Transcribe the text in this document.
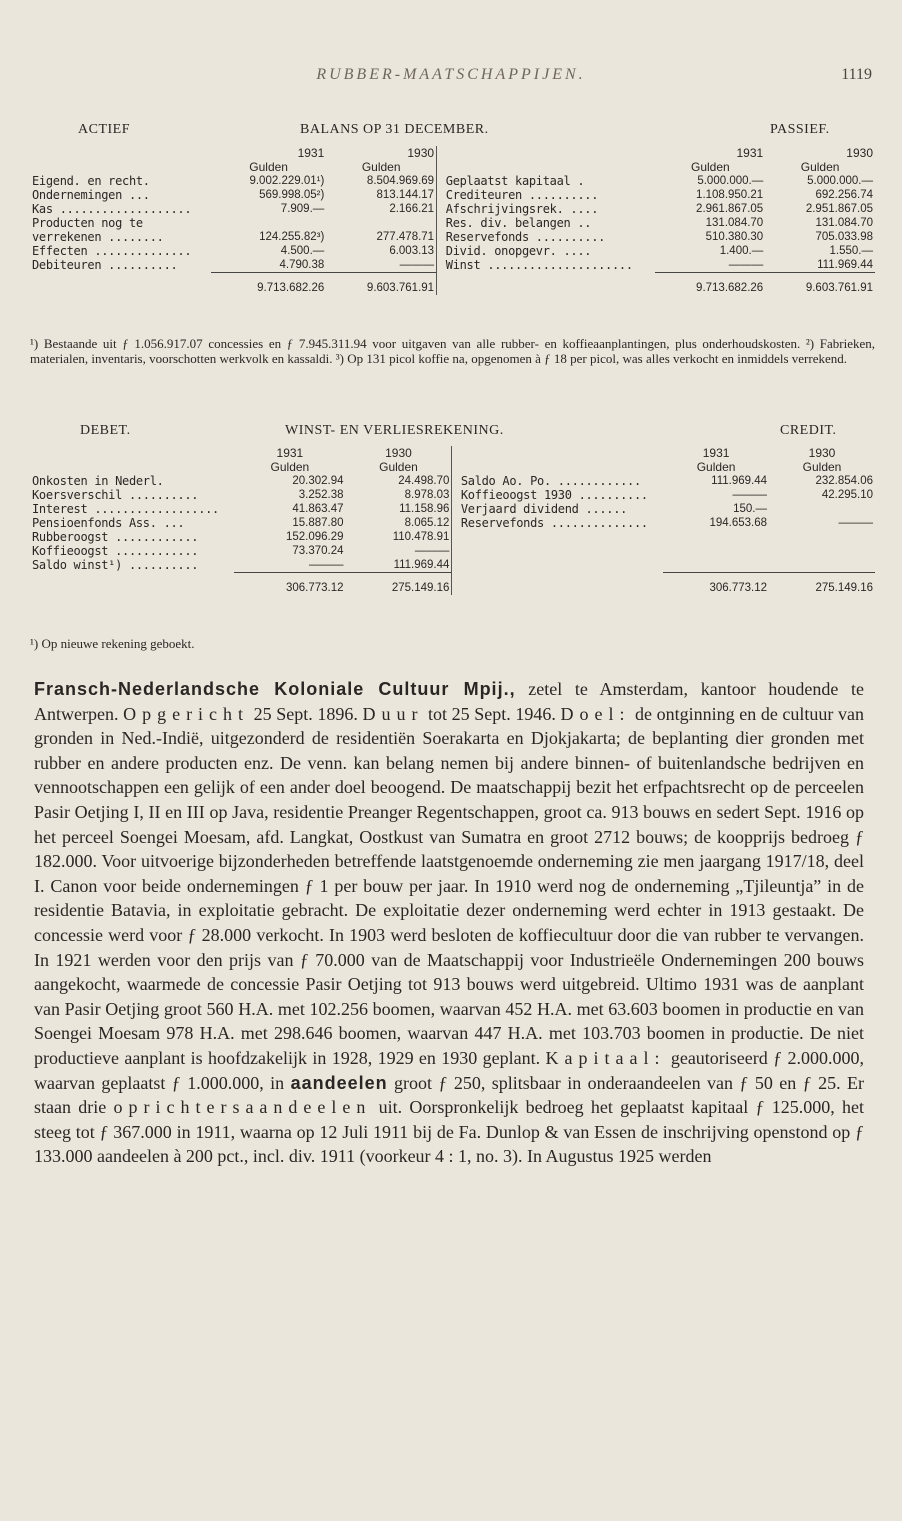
RUBBER-MAATSCHAPPIJEN.	1119
ACTIEF	BALANS OP 31 DECEMBER.	PASSIEF.
	1931	1930			1931	1930
	Gulden	Gulden			Gulden	Gulden
Eigend. en recht.	9.002.229.01¹)	8.504.969.69		Geplaatst kapitaal .	5.000.000.—	5.000.000.—
Ondernemingen ...	569.998.05²)	813.144.17		Crediteuren ..........	1.108.950.21	692.256.74
Kas ...................	7.909.—	2.166.21		Afschrijvingsrek. ....	2.961.867.05	2.951.867.05
Producten nog te				Res. div. belangen ..	131.084.70	131.084.70
verrekenen ........	124.255.82³)	277.478.71		Reservefonds ..........	510.380.30	705.033.98
Effecten ..............	4.500.—	6.003.13		Divid. onopgevr. ....	1.400.—	1.550.—
Debiteuren ..........	4.790.38	———		Winst .....................	———	111.969.44
	9.713.682.26	9.603.761.91			9.713.682.26	9.603.761.91
¹) Bestaande uit ƒ 1.056.917.07 concessies en ƒ 7.945.311.94 voor uitgaven van alle rubber- en koffieaanplantingen, plus onderhoudskosten. ²) Fabrieken, materialen, inventaris, voorschotten werkvolk en kassaldi. ³) Op 131 picol koffie na, opgenomen à ƒ 18 per picol, was alles verkocht en inmiddels verrekend.
DEBET.	WINST- EN VERLIESREKENING.	CREDIT.
	1931	1930			1931	1930
	Gulden	Gulden			Gulden	Gulden
Onkosten in Nederl.	20.302.94	24.498.70		Saldo Ao. Po. ............	111.969.44	232.854.06
Koersverschil ..........	3.252.38	8.978.03		Koffieoogst 1930 ..........	———	42.295.10
Interest ..................	41.863.47	11.158.96		Verjaard dividend ......	150.—	
Pensioenfonds Ass. ...	15.887.80	8.065.12		Reservefonds ..............	194.653.68	———
Rubberoogst ............	152.096.29	110.478.91				
Koffieoogst ............	73.370.24	———				
Saldo winst¹) ..........	———	111.969.44				
	306.773.12	275.149.16			306.773.12	275.149.16
¹) Op nieuwe rekening geboekt.

Fransch-Nederlandsche Koloniale Cultuur Mpij., zetel te Amsterdam, kantoor houdende te Antwerpen. Opgericht 25 Sept. 1896. Duur tot 25 Sept. 1946. Doel: de ontginning en de cultuur van gronden in Ned.-Indië, uitgezonderd de residentiën Soerakarta en Djokjakarta; de beplanting dier gronden met rubber en andere producten enz. De venn. kan belang nemen bij andere binnen- of buitenlandsche bedrijven en vennootschappen een gelijk of een ander doel beoogend. De maatschappij bezit het erfpachtsrecht op de perceelen Pasir Oetjing I, II en III op Java, residentie Preanger Regentschappen, groot ca. 913 bouws en sedert Sept. 1916 op het perceel Soengei Moesam, afd. Langkat, Oostkust van Sumatra en groot 2712 bouws; de koopprijs bedroeg ƒ 182.000. Voor uitvoerige bijzonderheden betreffende laatstgenoemde onderneming zie men jaargang 1917/18, deel I. Canon voor beide ondernemingen ƒ 1 per bouw per jaar. In 1910 werd nog de onderneming „Tjileuntja” in de residentie Batavia, in exploitatie gebracht. De exploitatie dezer onderneming werd echter in 1913 gestaakt. De concessie werd voor ƒ 28.000 verkocht. In 1903 werd besloten de koffiecultuur door die van rubber te vervangen. In 1921 werden voor den prijs van ƒ 70.000 van de Maatschappij voor Industrieële Ondernemingen 200 bouws aangekocht, waarmede de concessie Pasir Oetjing tot 913 bouws werd uitgebreid. Ultimo 1931 was de aanplant van Pasir Oetjing groot 560 H.A. met 102.256 boomen, waarvan 452 H.A. met 63.603 boomen in productie en van Soengei Moesam 978 H.A. met 298.646 boomen, waarvan 447 H.A. met 103.703 boomen in productie. De niet productieve aanplant is hoofdzakelijk in 1928, 1929 en 1930 geplant. Kapitaal: geautoriseerd ƒ 2.000.000, waarvan geplaatst ƒ 1.000.000, in aandeelen groot ƒ 250, splitsbaar in onderaandeelen van ƒ 50 en ƒ 25. Er staan drie oprichtersaandeelen uit. Oorspronkelijk bedroeg het geplaatst kapitaal ƒ 125.000, het steeg tot ƒ 367.000 in 1911, waarna op 12 Juli 1911 bij de Fa. Dunlop & van Essen de inschrijving openstond op ƒ 133.000 aandeelen à 200 pct., incl. div. 1911 (voorkeur 4 : 1, no. 3). In Augustus 1925 werden
